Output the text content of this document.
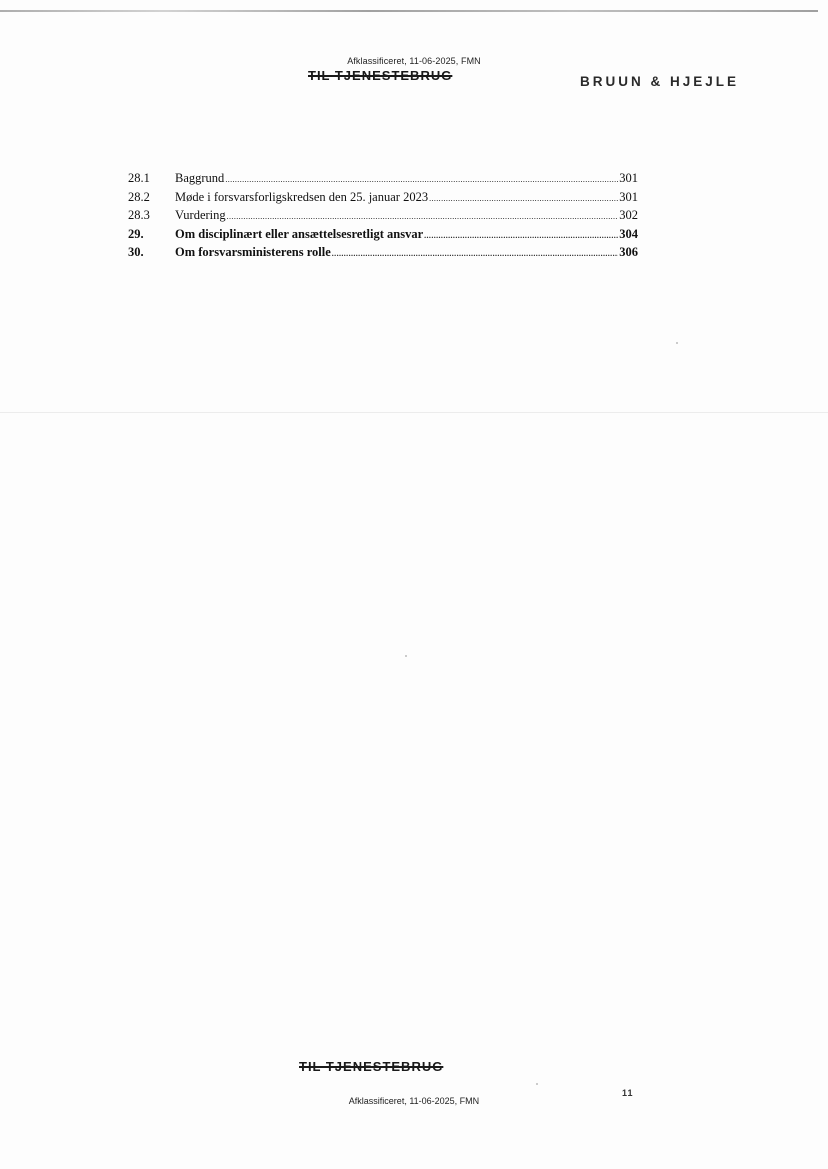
Afklassificeret, 11-06-2025, FMN
TIL TJENESTEBRUG	BRUUN & HJEJLE
28.1	Baggrund .....	301
28.2	Møde i forsvarsforligskredsen den 25. januar 2023 .....	301
28.3	Vurdering .....	302
29.	Om disciplinært eller ansættelsesretligt ansvar .....	304
30.	Om forsvarsministerens rolle .....	306
TIL TJENESTEBRUG
11
Afklassificeret, 11-06-2025, FMN
